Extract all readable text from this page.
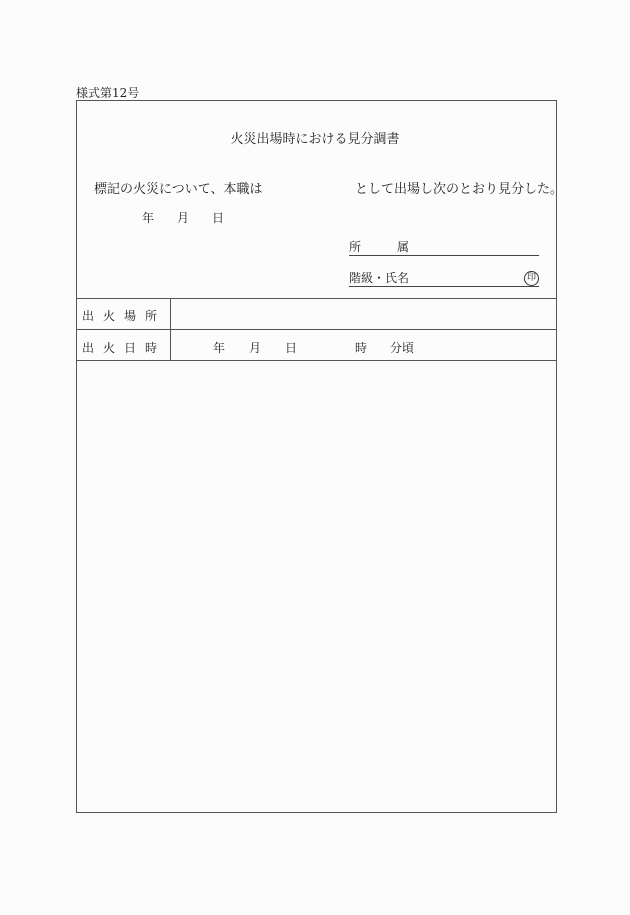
様式第12号
火災出場時における見分調書
標記の火災について、本職は	として出場し次のとおり見分した。
年 月 日
所	属
階級・氏名	印
出火場所
出火日時	年 月 日	時 分頃
